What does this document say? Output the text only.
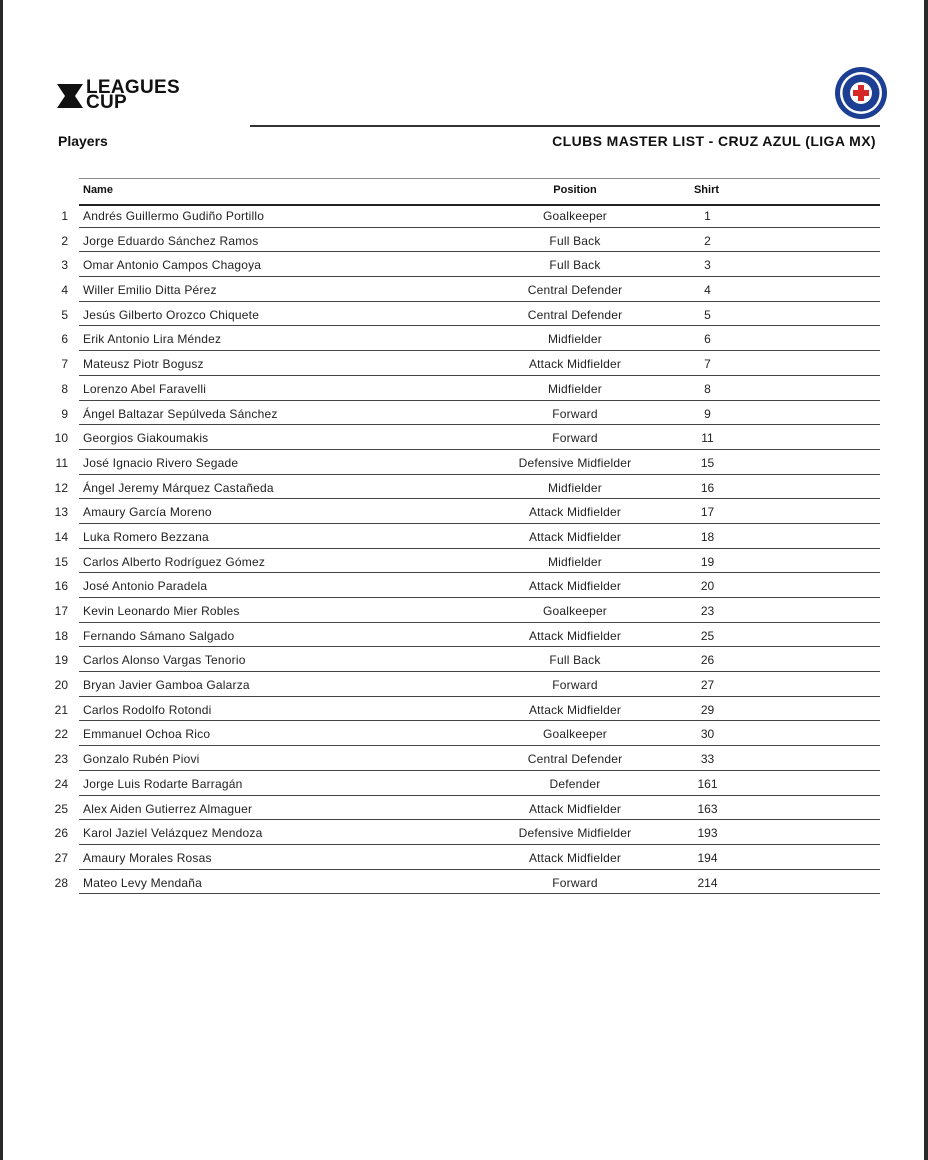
LEAGUES
CUP
Players	CLUBS MASTER LIST - CRUZ AZUL (LIGA MX)
Name	Position	Shirt
1 Andrés Guillermo Gudiño Portillo	Goalkeeper	1
2 Jorge Eduardo Sánchez Ramos	Full Back	2
3 Omar Antonio Campos Chagoya	Full Back	3
4 Willer Emilio Ditta Pérez	Central Defender	4
5 Jesús Gilberto Orozco Chiquete	Central Defender	5
6 Erik Antonio Lira Méndez	Midfielder	6
7 Mateusz Piotr Bogusz	Attack Midfielder	7
8 Lorenzo Abel Faravelli	Midfielder	8
9 Ángel Baltazar Sepúlveda Sánchez	Forward	9
10 Georgios Giakoumakis	Forward	11
11 José Ignacio Rivero Segade	Defensive Midfielder	15
12 Ángel Jeremy Márquez Castañeda	Midfielder	16
13 Amaury García Moreno	Attack Midfielder	17
14 Luka Romero Bezzana	Attack Midfielder	18
15 Carlos Alberto Rodríguez Gómez	Midfielder	19
16 José Antonio Paradela	Attack Midfielder	20
17 Kevin Leonardo Mier Robles	Goalkeeper	23
18 Fernando Sámano Salgado	Attack Midfielder	25
19 Carlos Alonso Vargas Tenorio	Full Back	26
20 Bryan Javier Gamboa Galarza	Forward	27
21 Carlos Rodolfo Rotondi	Attack Midfielder	29
22 Emmanuel Ochoa Rico	Goalkeeper	30
23 Gonzalo Rubén Piovi	Central Defender	33
24 Jorge Luis Rodarte Barragán	Defender	161
25 Alex Aiden Gutierrez Almaguer	Attack Midfielder	163
26 Karol Jaziel Velázquez Mendoza	Defensive Midfielder	193
27 Amaury Morales Rosas	Attack Midfielder	194
28 Mateo Levy Mendaña	Forward	214
